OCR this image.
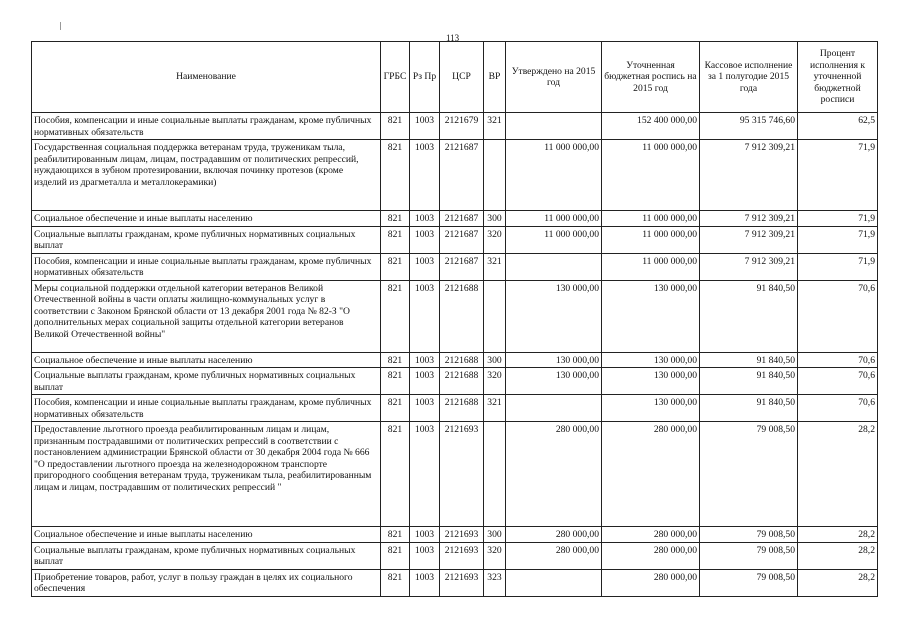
113
Наименование	ГРБС	Рз Пр	ЦСР	ВР	Утверждено на 2015 год	Уточненная бюджетная роспись на 2015 год	Кассовое исполнение за 1 полугодие 2015 года	Процент исполнения к уточненной бюджетной росписи
Пособия, компенсации и иные социальные выплаты гражданам, кроме публичных нормативных обязательств	821	1003	2121679	321		152 400 000,00	95 315 746,60	62,5
Государственная социальная поддержка ветеранам труда, труженикам тыла, реабилитированным лицам, лицам, пострадавшим от политических репрессий, нуждающихся в зубном протезировании, включая починку протезов (кроме изделий из драгметалла и металлокерамики)	821	1003	2121687		11 000 000,00	11 000 000,00	7 912 309,21	71,9
Социальное обеспечение и иные выплаты населению	821	1003	2121687	300	11 000 000,00	11 000 000,00	7 912 309,21	71,9
Социальные выплаты гражданам, кроме публичных нормативных социальных выплат	821	1003	2121687	320	11 000 000,00	11 000 000,00	7 912 309,21	71,9
Пособия, компенсации и иные социальные выплаты гражданам, кроме публичных нормативных обязательств	821	1003	2121687	321		11 000 000,00	7 912 309,21	71,9
Меры социальной поддержки отдельной категории ветеранов Великой Отечественной войны в части оплаты жилищно-коммунальных услуг в соответствии с Законом Брянской области от 13 декабря 2001 года № 82-З "О дополнительных мерах социальной защиты отдельной категории ветеранов Великой Отечественной войны"	821	1003	2121688		130 000,00	130 000,00	91 840,50	70,6
Социальное обеспечение и иные выплаты населению	821	1003	2121688	300	130 000,00	130 000,00	91 840,50	70,6
Социальные выплаты гражданам, кроме публичных нормативных социальных выплат	821	1003	2121688	320	130 000,00	130 000,00	91 840,50	70,6
Пособия, компенсации и иные социальные выплаты гражданам, кроме публичных нормативных обязательств	821	1003	2121688	321		130 000,00	91 840,50	70,6
Предоставление льготного проезда реабилитированным лицам и лицам, признанным пострадавшими от политических репрессий в соответствии с постановлением администрации Брянской области от 30 декабря 2004 года № 666 "О предоставлении льготного проезда на железнодорожном транспорте пригородного сообщения ветеранам труда, труженикам тыла, реабилитированным лицам и лицам, пострадавшим от политических репрессий "	821	1003	2121693		280 000,00	280 000,00	79 008,50	28,2
Социальное обеспечение и иные выплаты населению	821	1003	2121693	300	280 000,00	280 000,00	79 008,50	28,2
Социальные выплаты гражданам, кроме публичных нормативных социальных выплат	821	1003	2121693	320	280 000,00	280 000,00	79 008,50	28,2
Приобретение товаров, работ, услуг в пользу граждан в целях их социального обеспечения	821	1003	2121693	323		280 000,00	79 008,50	28,2
